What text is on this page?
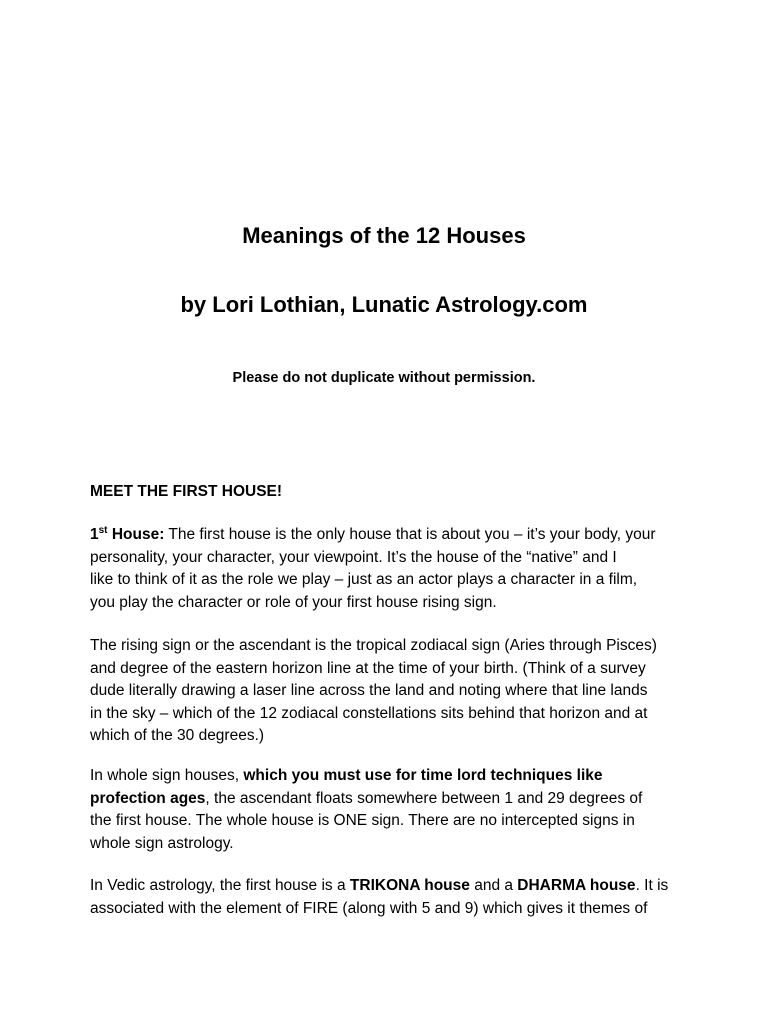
Meanings of the 12 Houses
by Lori Lothian, Lunatic Astrology.com
Please do not duplicate without permission.
MEET THE FIRST HOUSE!
1st House: The first house is the only house that is about you – it’s your body, your
personality, your character, your viewpoint. It’s the house of the “native” and I
like to think of it as the role we play – just as an actor plays a character in a film,
you play the character or role of your first house rising sign.
The rising sign or the ascendant is the tropical zodiacal sign (Aries through Pisces)
and degree of the eastern horizon line at the time of your birth. (Think of a survey
dude literally drawing a laser line across the land and noting where that line lands
in the sky – which of the 12 zodiacal constellations sits behind that horizon and at
which of the 30 degrees.)
In whole sign houses, which you must use for time lord techniques like
profection ages, the ascendant floats somewhere between 1 and 29 degrees of
the first house. The whole house is ONE sign. There are no intercepted signs in
whole sign astrology.
In Vedic astrology, the first house is a TRIKONA house and a DHARMA house. It is
associated with the element of FIRE (along with 5 and 9) which gives it themes of
